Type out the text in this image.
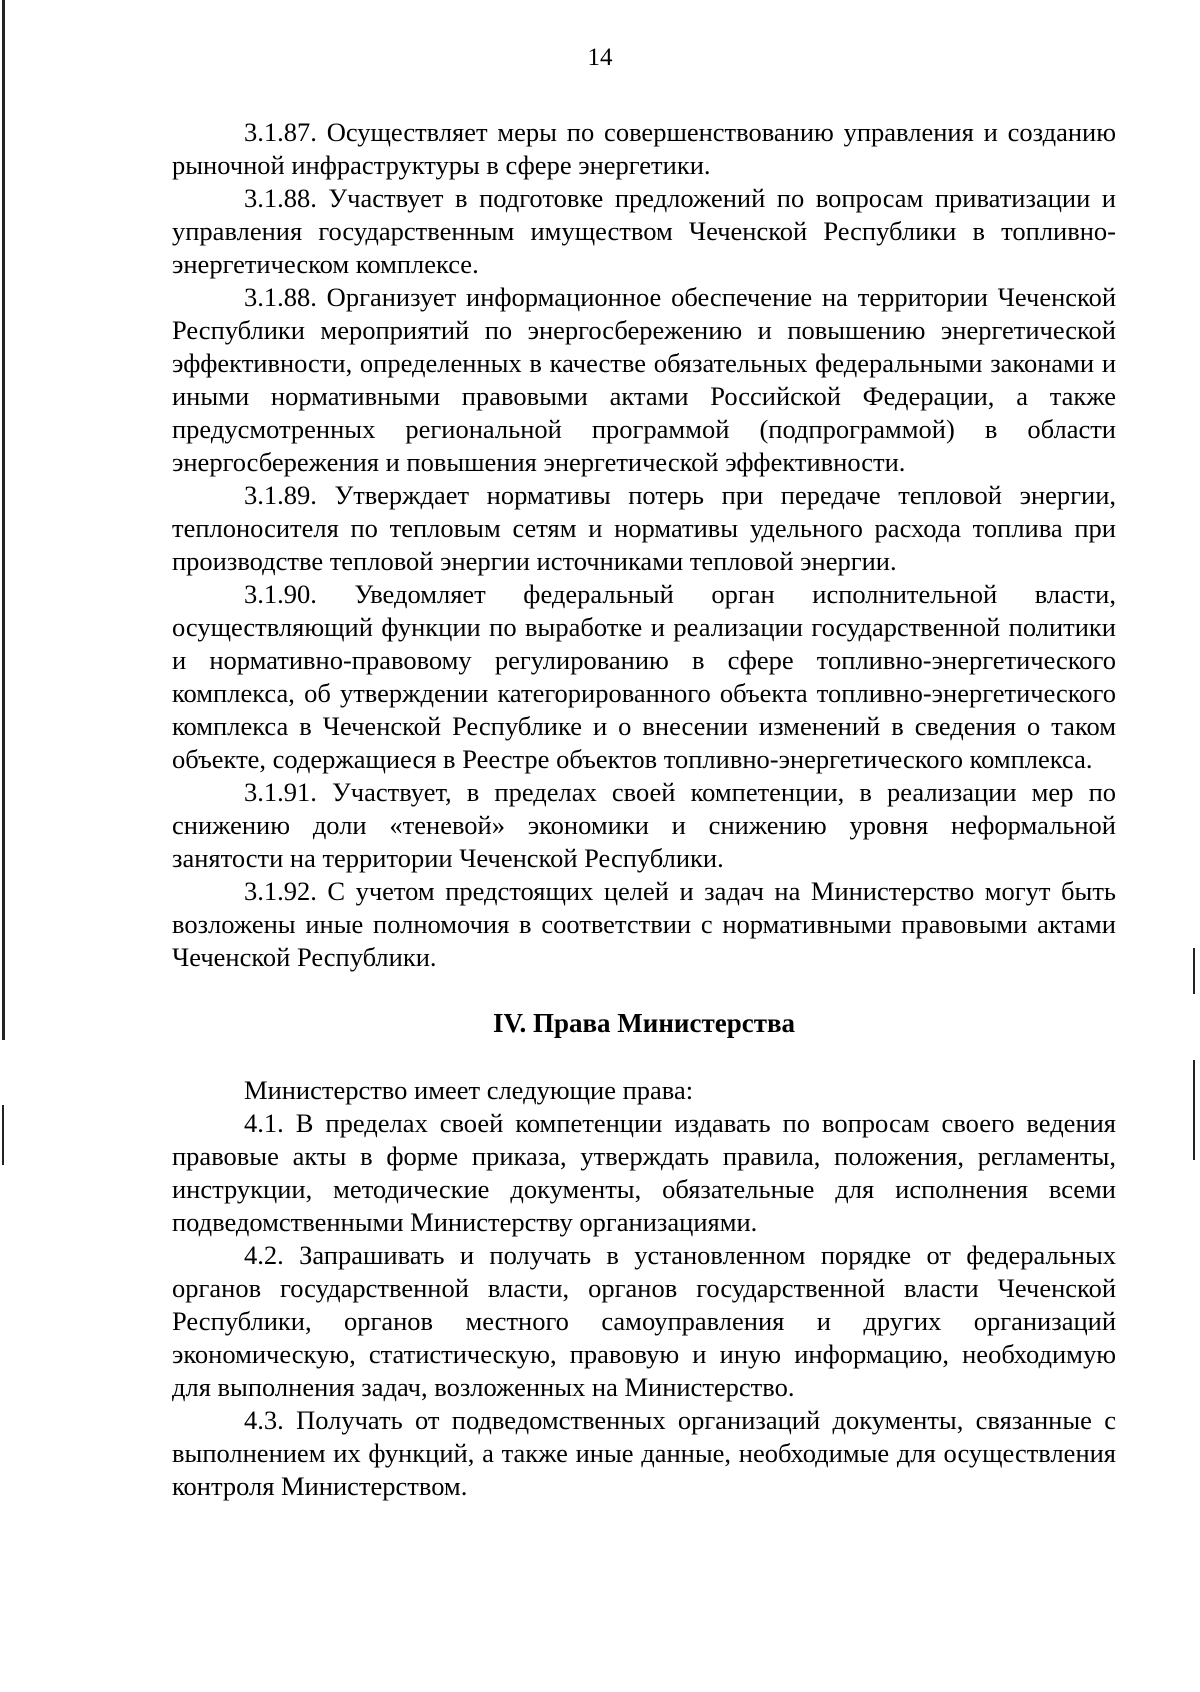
14

3.1.87. Осуществляет меры по совершенствованию управления и созданию рыночной инфраструктуры в сфере энергетики.

3.1.88. Участвует в подготовке предложений по вопросам приватизации и управления государственным имуществом Чеченской Республики в топливно-энергетическом комплексе.

3.1.88. Организует информационное обеспечение на территории Чеченской Республики мероприятий по энергосбережению и повышению энергетической эффективности, определенных в качестве обязательных федеральными законами и иными нормативными правовыми актами Российской Федерации, а также предусмотренных региональной программой (подпрограммой) в области энергосбережения и повышения энергетической эффективности.

3.1.89. Утверждает нормативы потерь при передаче тепловой энергии, теплоносителя по тепловым сетям и нормативы удельного расхода топлива при производстве тепловой энергии источниками тепловой энергии.

3.1.90. Уведомляет федеральный орган исполнительной власти, осуществляющий функции по выработке и реализации государственной политики и нормативно-правовому регулированию в сфере топливно-энергетического комплекса, об утверждении категорированного объекта топливно-энергетического комплекса в Чеченской Республике и о внесении изменений в сведения о таком объекте, содержащиеся в Реестре объектов топливно-энергетического комплекса.

3.1.91. Участвует, в пределах своей компетенции, в реализации мер по снижению доли «теневой» экономики и снижению уровня неформальной занятости на территории Чеченской Республики.

3.1.92. С учетом предстоящих целей и задач на Министерство могут быть возложены иные полномочия в соответствии с нормативными правовыми актами Чеченской Республики.

IV. Права Министерства

Министерство имеет следующие права:

4.1. В пределах своей компетенции издавать по вопросам своего ведения правовые акты в форме приказа, утверждать правила, положения, регламенты, инструкции, методические документы, обязательные для исполнения всеми подведомственными Министерству организациями.

4.2. Запрашивать и получать в установленном порядке от федеральных органов государственной власти, органов государственной власти Чеченской Республики, органов местного самоуправления и других организаций экономическую, статистическую, правовую и иную информацию, необходимую для выполнения задач, возложенных на Министерство.

4.3. Получать от подведомственных организаций документы, связанные с выполнением их функций, а также иные данные, необходимые для осуществления контроля Министерством.
